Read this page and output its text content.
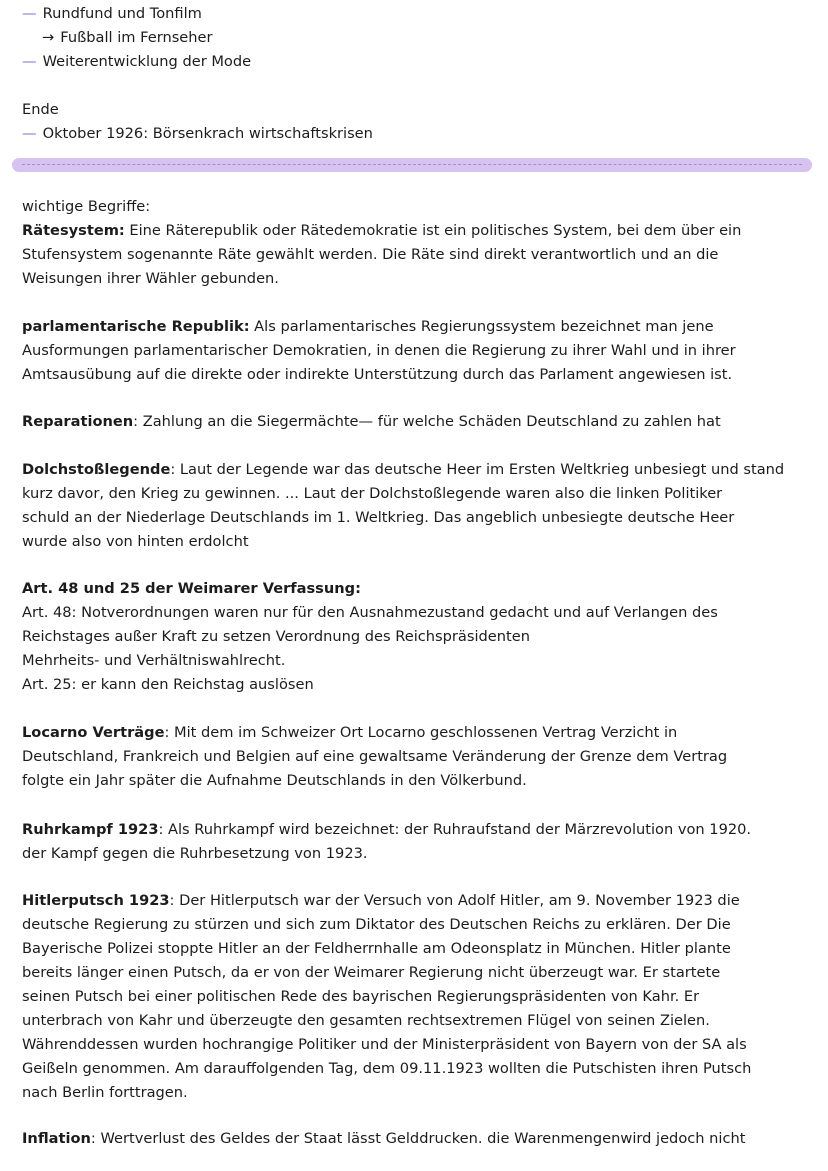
— Rundfund und Tonfilm
→ Fußball im Fernseher
— Weiterentwicklung der Mode
Ende
— Oktober 1926: Börsenkrach wirtschaftskrisen
wichtige Begriffe:
Rätesystem: Eine Räterepublik oder Rätedemokratie ist ein politisches System, bei dem über ein
Stufensystem sogenannte Räte gewählt werden. Die Räte sind direkt verantwortlich und an die
Weisungen ihrer Wähler gebunden.
parlamentarische Republik: Als parlamentarisches Regierungssystem bezeichnet man jene
Ausformungen parlamentarischer Demokratien, in denen die Regierung zu ihrer Wahl und in ihrer
Amtsausübung auf die direkte oder indirekte Unterstützung durch das Parlament angewiesen ist.
Reparationen: Zahlung an die Siegermächte— für welche Schäden Deutschland zu zahlen hat
Dolchstoßlegende: Laut der Legende war das deutsche Heer im Ersten Weltkrieg unbesiegt und stand
kurz davor, den Krieg zu gewinnen. ... Laut der Dolchstoßlegende waren also die linken Politiker
schuld an der Niederlage Deutschlands im 1. Weltkrieg. Das angeblich unbesiegte deutsche Heer
wurde also von hinten erdolcht
Art. 48 und 25 der Weimarer Verfassung:
Art. 48: Notverordnungen waren nur für den Ausnahmezustand gedacht und auf Verlangen des
Reichstages außer Kraft zu setzen Verordnung des Reichspräsidenten
Mehrheits- und Verhältniswahlrecht.
Art. 25: er kann den Reichstag auslösen
Locarno Verträge: Mit dem im Schweizer Ort Locarno geschlossenen Vertrag Verzicht in
Deutschland, Frankreich und Belgien auf eine gewaltsame Veränderung der Grenze dem Vertrag
folgte ein Jahr später die Aufnahme Deutschlands in den Völkerbund.
Ruhrkampf 1923: Als Ruhrkampf wird bezeichnet: der Ruhraufstand der Märzrevolution von 1920.
der Kampf gegen die Ruhrbesetzung von 1923.
Hitlerputsch 1923: Der Hitlerputsch war der Versuch von Adolf Hitler, am 9. November 1923 die
deutsche Regierung zu stürzen und sich zum Diktator des Deutschen Reichs zu erklären. Der Die
Bayerische Polizei stoppte Hitler an der Feldherrnhalle am Odeonsplatz in München. Hitler plante
bereits länger einen Putsch, da er von der Weimarer Regierung nicht überzeugt war. Er startete
seinen Putsch bei einer politischen Rede des bayrischen Regierungspräsidenten von Kahr. Er
unterbrach von Kahr und überzeugte den gesamten rechtsextremen Flügel von seinen Zielen.
Währenddessen wurden hochrangige Politiker und der Ministerpräsident von Bayern von der SA als
Geißeln genommen. Am darauffolgenden Tag, dem 09.11.1923 wollten die Putschisten ihren Putsch
nach Berlin forttragen.
Inflation: Wertverlust des Geldes der Staat lässt Gelddrucken. die Warenmengenwird jedoch nicht
